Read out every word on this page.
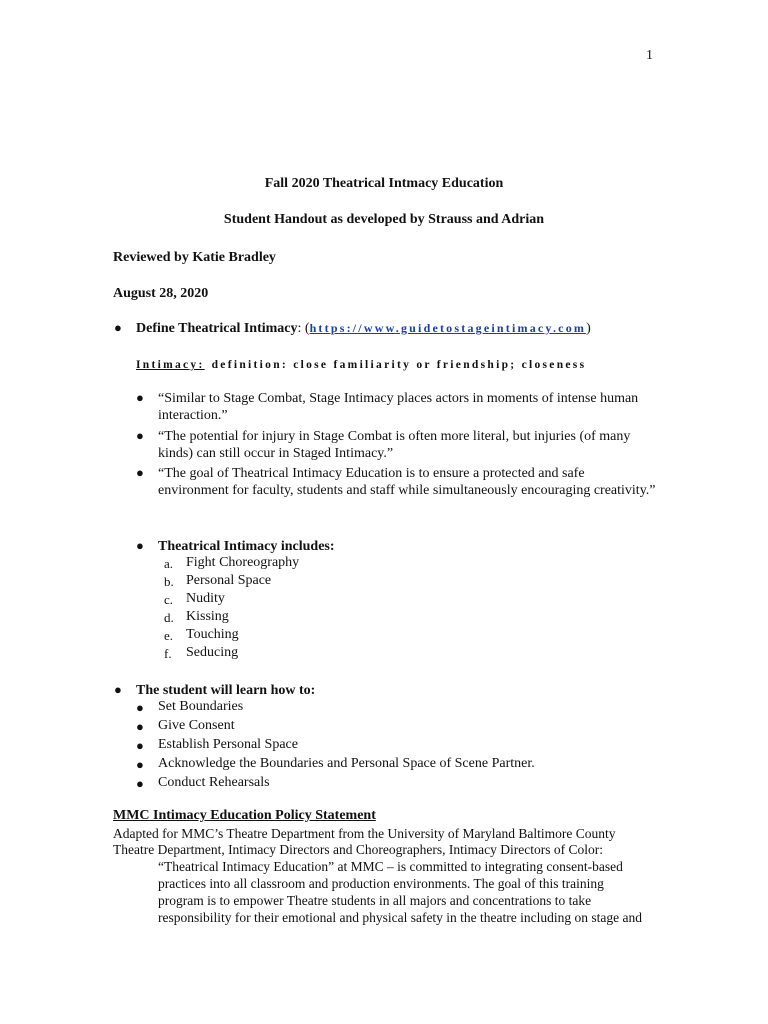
1
Fall 2020 Theatrical Intmacy Education
Student Handout as developed by Strauss and Adrian
Reviewed by Katie Bradley
August 28, 2020
● Define Theatrical Intimacy: (https://www.guidetostageintimacy.com)
Intimacy: definition: close familiarity or friendship; closeness
● “Similar to Stage Combat, Stage Intimacy places actors in moments of intense human interaction.”
● “The potential for injury in Stage Combat is often more literal, but injuries (of many kinds) can still occur in Staged Intimacy.”
● “The goal of Theatrical Intimacy Education is to ensure a protected and safe environment for faculty, students and staff while simultaneously encouraging creativity.”
● Theatrical Intimacy includes:
a. Fight Choreography
b. Personal Space
c. Nudity
d. Kissing
e. Touching
f. Seducing
● The student will learn how to:
● Set Boundaries
● Give Consent
● Establish Personal Space
● Acknowledge the Boundaries and Personal Space of Scene Partner.
● Conduct Rehearsals
MMC Intimacy Education Policy Statement
Adapted for MMC’s Theatre Department from the University of Maryland Baltimore County
Theatre Department, Intimacy Directors and Choreographers, Intimacy Directors of Color:
“Theatrical Intimacy Education” at MMC – is committed to integrating consent-based
practices into all classroom and production environments. The goal of this training
program is to empower Theatre students in all majors and concentrations to take
responsibility for their emotional and physical safety in the theatre including on stage and
